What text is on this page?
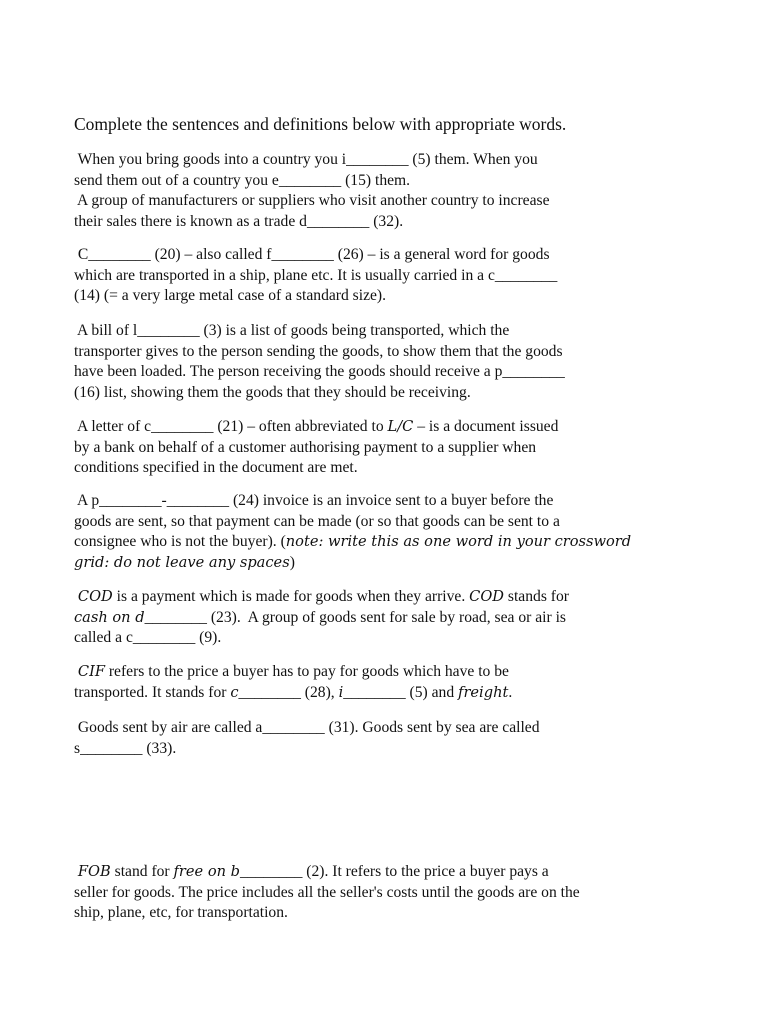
Complete the sentences and definitions below with appropriate words.
When you bring goods into a country you i________ (5) them. When you
send them out of a country you e________ (15) them.
A group of manufacturers or suppliers who visit another country to increase
their sales there is known as a trade d________ (32).
C________ (20) – also called f________ (26) – is a general word for goods
which are transported in a ship, plane etc. It is usually carried in a c________
(14) (= a very large metal case of a standard size).
A bill of l________ (3) is a list of goods being transported, which the
transporter gives to the person sending the goods, to show them that the goods
have been loaded. The person receiving the goods should receive a p________
(16) list, showing them the goods that they should be receiving.
A letter of c________ (21) – often abbreviated to L/C – is a document issued
by a bank on behalf of a customer authorising payment to a supplier when
conditions specified in the document are met.
A p________-________ (24) invoice is an invoice sent to a buyer before the
goods are sent, so that payment can be made (or so that goods can be sent to a
consignee who is not the buyer). (note: write this as one word in your crossword
grid: do not leave any spaces)
COD is a payment which is made for goods when they arrive. COD stands for
cash on d________ (23).  A group of goods sent for sale by road, sea or air is
called a c________ (9).
CIF refers to the price a buyer has to pay for goods which have to be
transported. It stands for c________ (28), i________ (5) and freight.
Goods sent by air are called a________ (31). Goods sent by sea are called
s________ (33).
FOB stand for free on b________ (2). It refers to the price a buyer pays a
seller for goods. The price includes all the seller's costs until the goods are on the
ship, plane, etc, for transportation.
